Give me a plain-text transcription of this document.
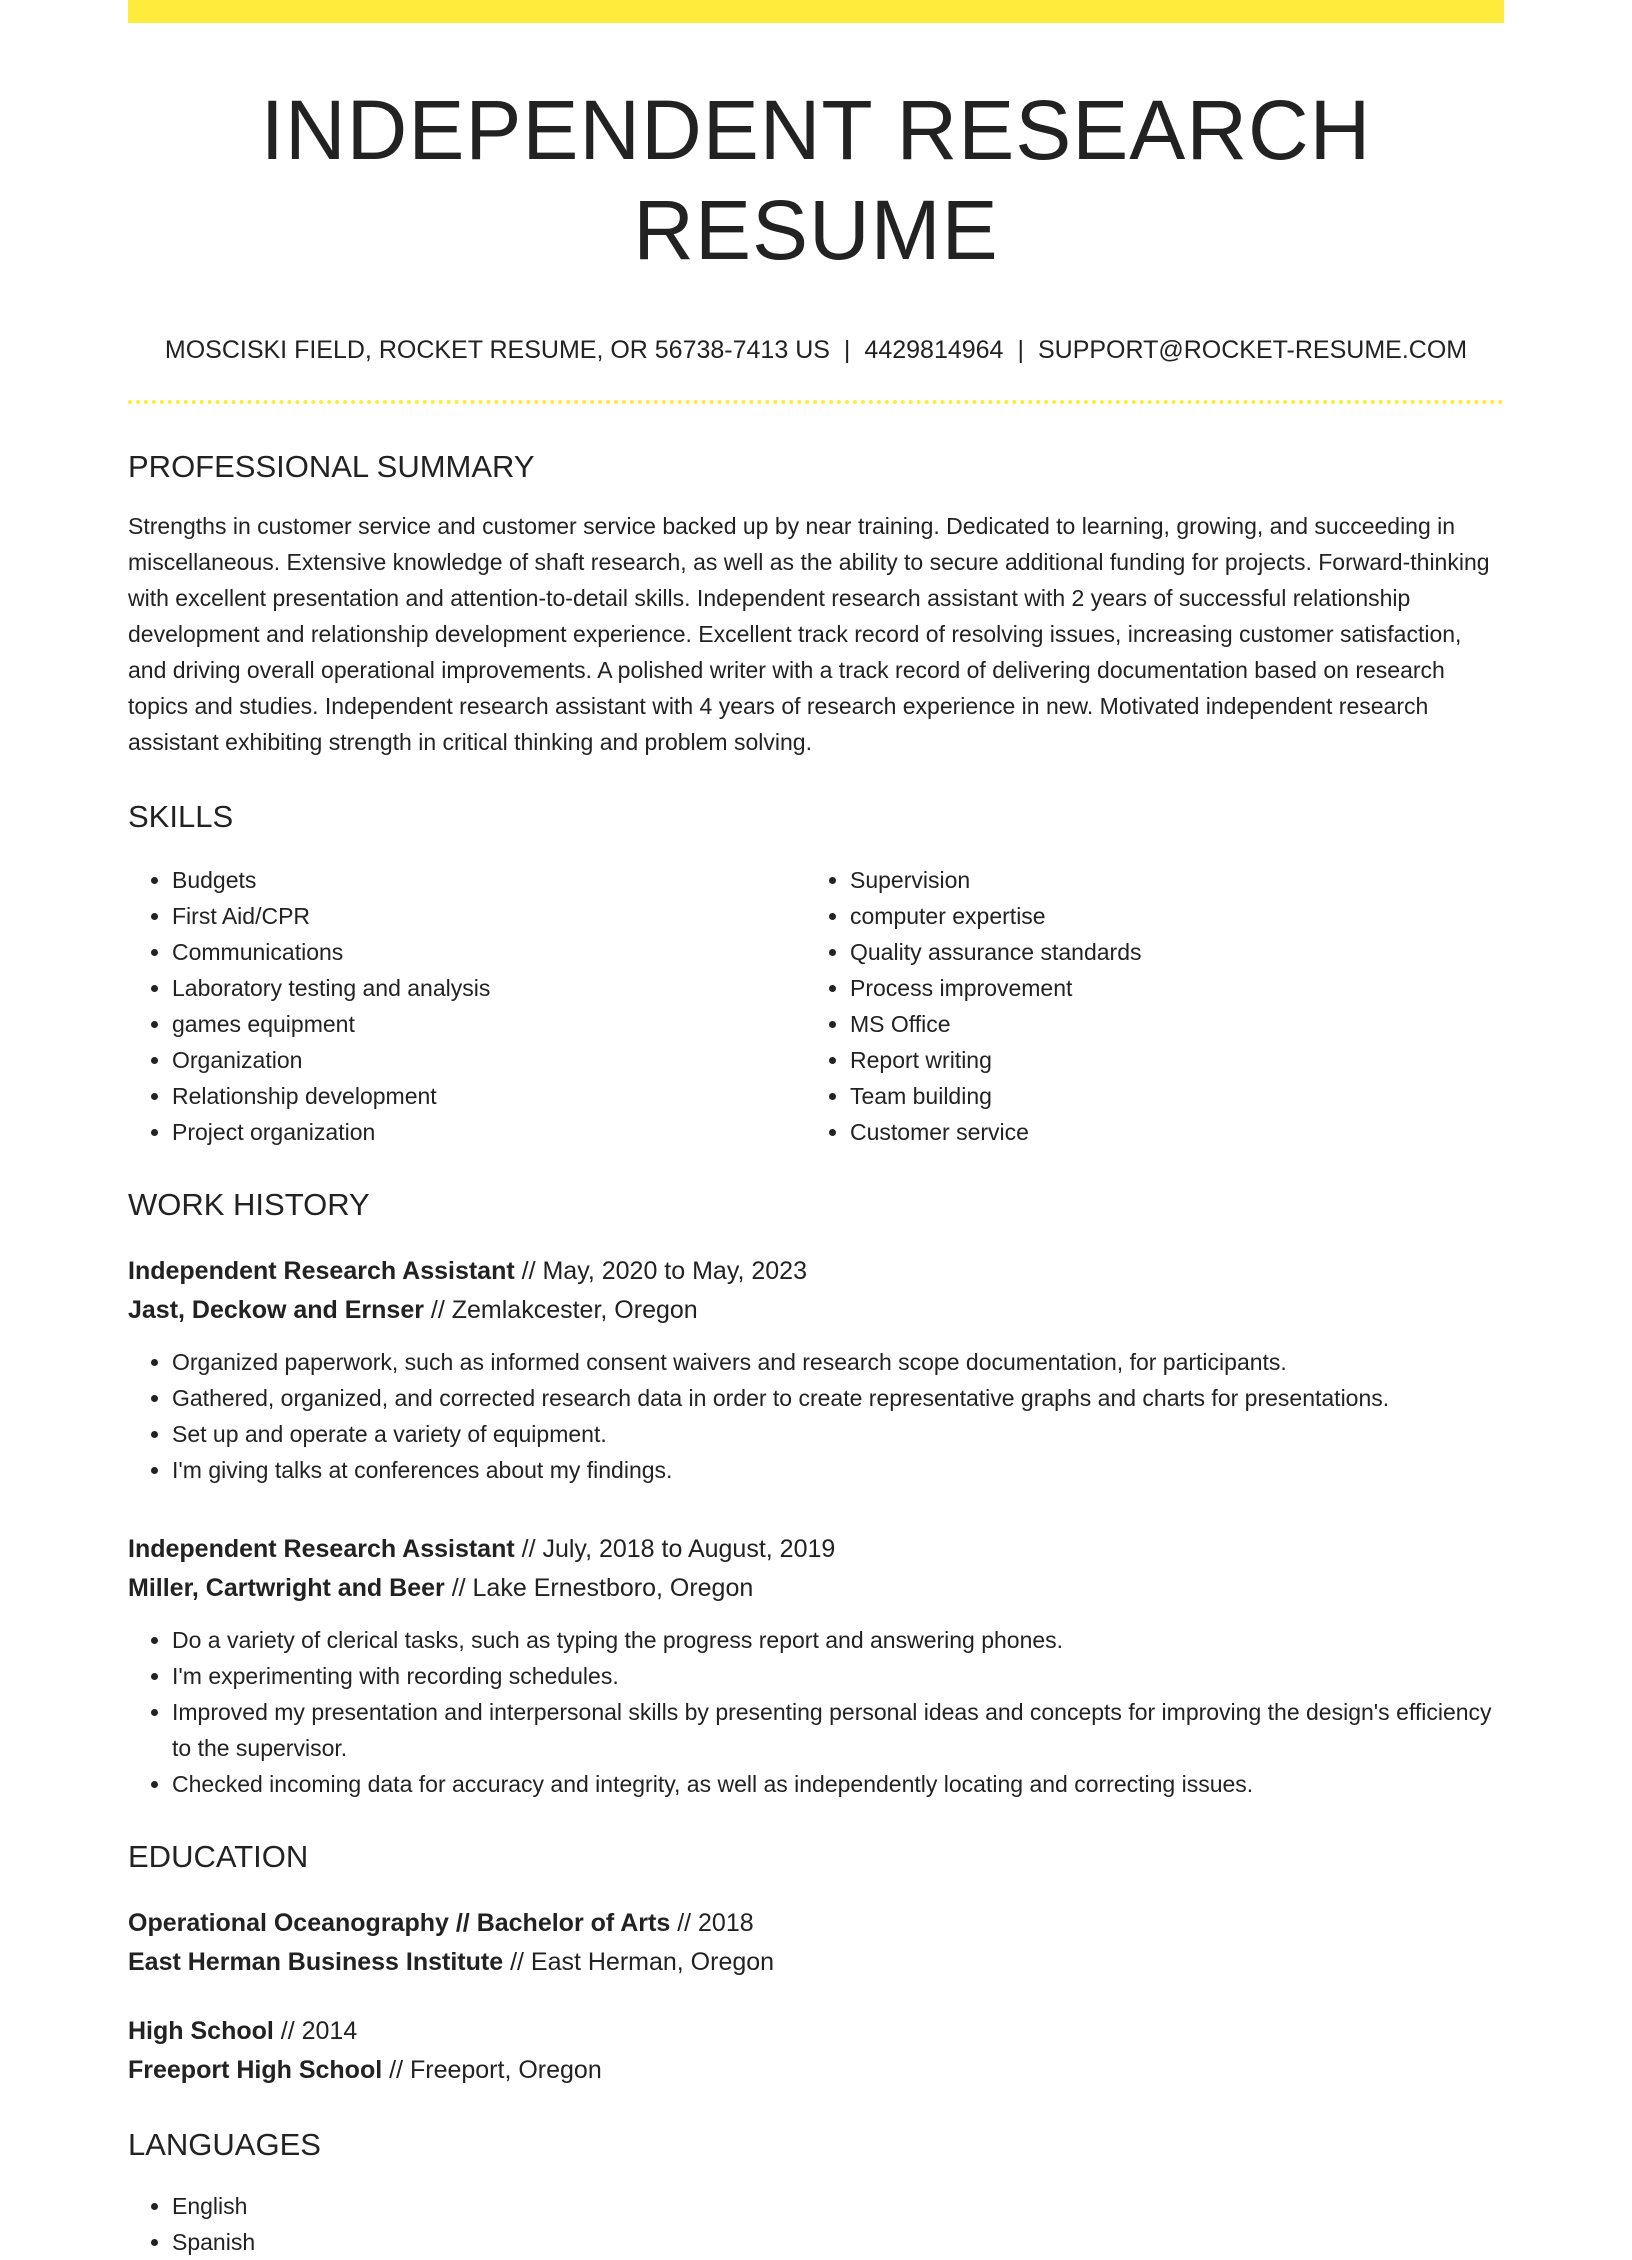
INDEPENDENT RESEARCH RESUME
MOSCISKI FIELD, ROCKET RESUME, OR 56738-7413 US | 4429814964 | SUPPORT@ROCKET-RESUME.COM
PROFESSIONAL SUMMARY
Strengths in customer service and customer service backed up by near training. Dedicated to learning, growing, and succeeding in miscellaneous. Extensive knowledge of shaft research, as well as the ability to secure additional funding for projects. Forward-thinking with excellent presentation and attention-to-detail skills. Independent research assistant with 2 years of successful relationship development and relationship development experience. Excellent track record of resolving issues, increasing customer satisfaction, and driving overall operational improvements. A polished writer with a track record of delivering documentation based on research topics and studies. Independent research assistant with 4 years of research experience in new. Motivated independent research assistant exhibiting strength in critical thinking and problem solving.
SKILLS
• Budgets
• First Aid/CPR
• Communications
• Laboratory testing and analysis
• games equipment
• Organization
• Relationship development
• Project organization
• Supervision
• computer expertise
• Quality assurance standards
• Process improvement
• MS Office
• Report writing
• Team building
• Customer service
WORK HISTORY
Independent Research Assistant // May, 2020 to May, 2023
Jast, Deckow and Ernser // Zemlakcester, Oregon
• Organized paperwork, such as informed consent waivers and research scope documentation, for participants.
• Gathered, organized, and corrected research data in order to create representative graphs and charts for presentations.
• Set up and operate a variety of equipment.
• I'm giving talks at conferences about my findings.
Independent Research Assistant // July, 2018 to August, 2019
Miller, Cartwright and Beer // Lake Ernestboro, Oregon
• Do a variety of clerical tasks, such as typing the progress report and answering phones.
• I'm experimenting with recording schedules.
• Improved my presentation and interpersonal skills by presenting personal ideas and concepts for improving the design's efficiency to the supervisor.
• Checked incoming data for accuracy and integrity, as well as independently locating and correcting issues.
EDUCATION
Operational Oceanography // Bachelor of Arts // 2018
East Herman Business Institute // East Herman, Oregon
High School // 2014
Freeport High School // Freeport, Oregon
LANGUAGES
• English
• Spanish
